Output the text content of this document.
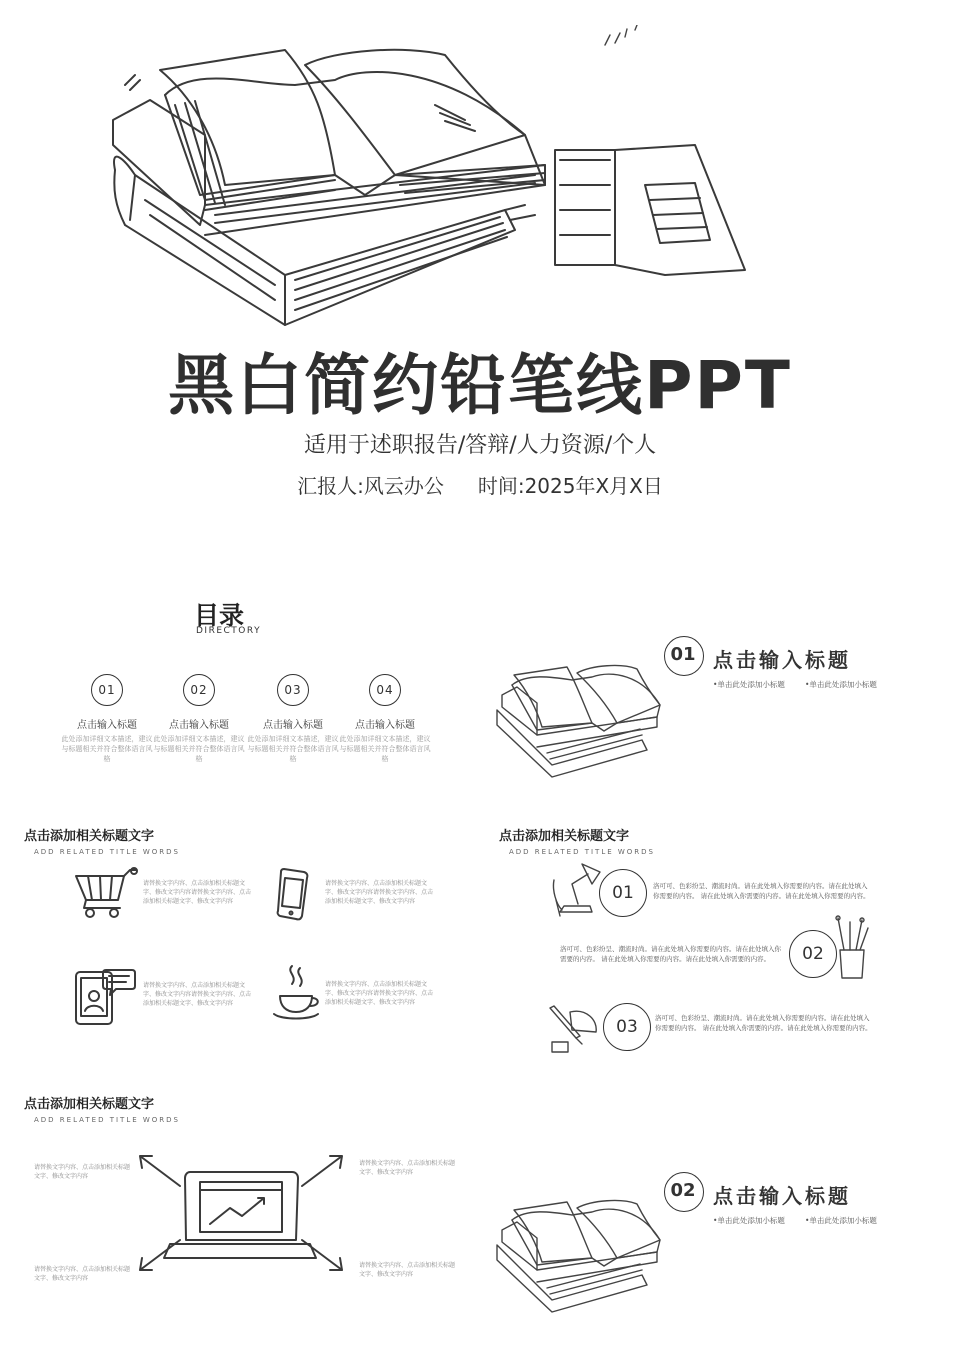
黑白简约铅笔线PPT
适用于述职报告/答辩/人力资源/个人
汇报人:风云办公 时间:2025年X月X日
目录
DIRECTORY
01
点击输入标题
此处添加详细文本描述，建议与标题相关并符合整体语言风格
02
点击输入标题
此处添加详细文本描述，建议与标题相关并符合整体语言风格
03
点击输入标题
此处添加详细文本描述，建议与标题相关并符合整体语言风格
04
点击输入标题
此处添加详细文本描述，建议与标题相关并符合整体语言风格
01 点击输入标题
•单击此处添加小标题	•单击此处添加小标题
点击添加相关标题文字
ADD RELATED TITLE WORDS
请替换文字内容、点击添加相关标题文字、修改文字内容请替换文字内容、点击添加相关标题文字、修改文字内容
请替换文字内容、点击添加相关标题文字、修改文字内容请替换文字内容、点击添加相关标题文字、修改文字内容
请替换文字内容、点击添加相关标题文字、修改文字内容请替换文字内容、点击添加相关标题文字、修改文字内容
请替换文字内容、点击添加相关标题文字、修改文字内容请替换文字内容、点击添加相关标题文字、修改文字内容
点击添加相关标题文字
ADD RELATED TITLE WORDS
01	洛可可、色彩纷呈、潮流时尚。请在此处填入你需要的内容。请在此处填入你需要的内容。 请在此处填入你需要的内容。请在此处填入你需要的内容。
洛可可、色彩纷呈、潮流时尚。请在此处填入你需要的内容。请在此处填入你需要的内容。 请在此处填入你需要的内容。请在此处填入你需要的内容。	02
03	洛可可、色彩纷呈、潮流时尚。请在此处填入你需要的内容。请在此处填入你需要的内容。 请在此处填入你需要的内容。请在此处填入你需要的内容。
点击添加相关标题文字
ADD RELATED TITLE WORDS
请替换文字内容、点击添加相关标题文字、修改文字内容
请替换文字内容、点击添加相关标题文字、修改文字内容
请替换文字内容、点击添加相关标题文字、修改文字内容
请替换文字内容、点击添加相关标题文字、修改文字内容
02 点击输入标题
•单击此处添加小标题	•单击此处添加小标题
